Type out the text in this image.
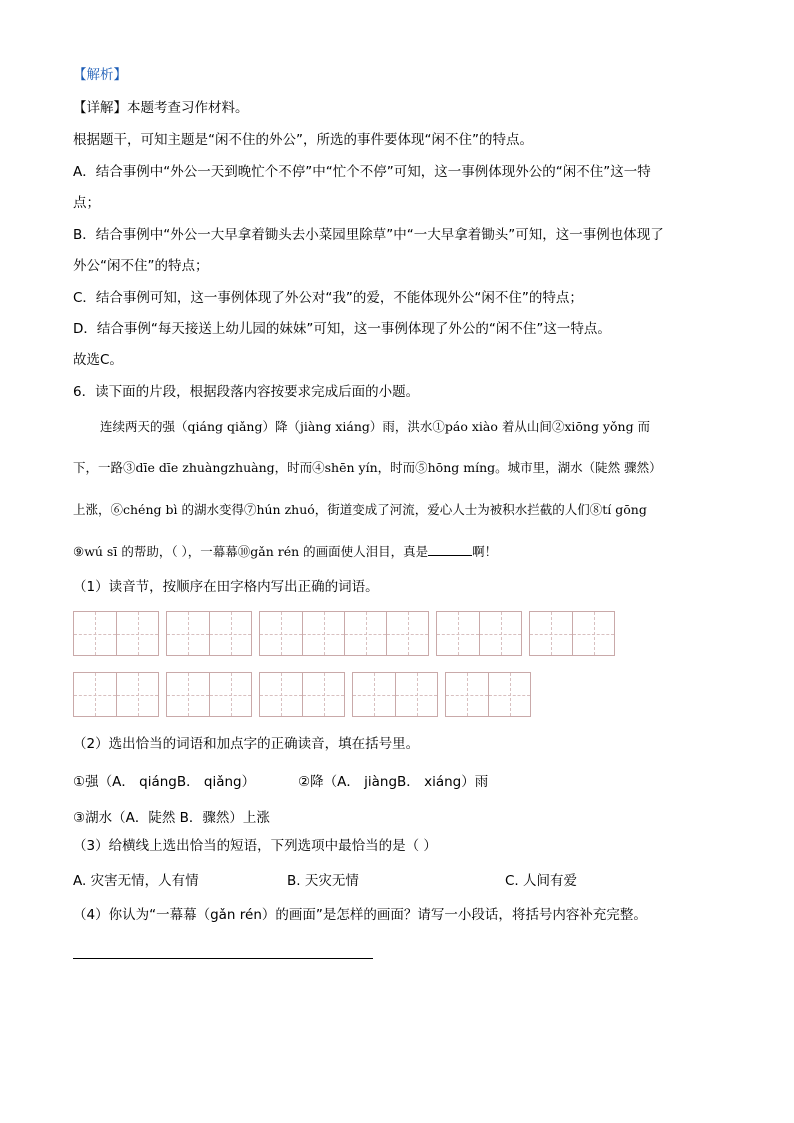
【解析】
【详解】本题考查习作材料。
根据题干，可知主题是“闲不住的外公”，所选的事件要体现“闲不住”的特点。
A．结合事例中“外公一天到晚忙个不停”中“忙个不停”可知，这一事例体现外公的“闲不住”这一特
点；
B．结合事例中“外公一大早拿着锄头去小菜园里除草”中“一大早拿着锄头”可知，这一事例也体现了
外公“闲不住”的特点；
C．结合事例可知，这一事例体现了外公对“我”的爱，不能体现外公“闲不住”的特点；
D．结合事例“每天接送上幼儿园的妹妹”可知，这一事例体现了外公的“闲不住”这一特点。
故选C。
6．读下面的片段，根据段落内容按要求完成后面的小题。
连续两天的强（qiáng qiǎng）降（jiàng xiáng）雨，洪水①páo xiào 着从山间②xiōng yǒng 而
下，一路③dīe dīe zhuàngzhuàng，时而④shēn yín，时而⑤hōng míng。城市里，湖水（陡然 骤然）
上涨，⑥chéng bì 的湖水变得⑦hún zhuó，街道变成了河流，爱心人士为被积水拦截的人们⑧tí gōng
⑨wú sī 的帮助，（ ），一幕幕⑩gǎn rén 的画面使人泪目，真是	啊！
（1）读音节，按顺序在田字格内写出正确的词语。
（2）选出恰当的词语和加点字的正确读音，填在括号里。
①强（A． qiángB． qiǎng）	②降（A． jiàngB． xiáng）雨
③湖水（A．陡然 B．骤然）上涨
（3）给横线上选出恰当的短语，下列选项中最恰当的是（ ）
A. 灾害无情，人有情	B. 天灾无情	C. 人间有爱
（4）你认为“一幕幕（gǎn rén）的画面”是怎样的画面？请写一小段话，将括号内容补充完整。
